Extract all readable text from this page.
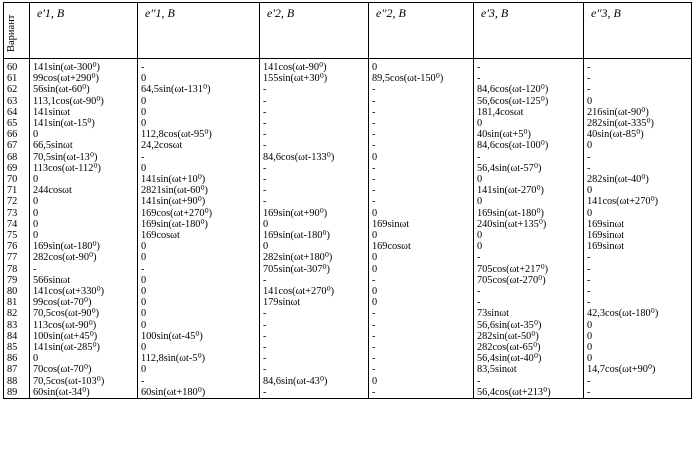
Вариант	e'1, B	e''1, B	e'2, B	e''2, B	e'3, B	e''3, B
60	141sin(ωt-300⁰)	-	141cos(ωt-90⁰)	0	-	-
61	99cos(ωt+290⁰)	0	155sin(ωt+30⁰)	89,5cos(ωt-150⁰)	-	-
62	56sin(ωt-60⁰)	64,5sin(ωt-131⁰)	-	-	84,6cos(ωt-120⁰)	-
63	113,1cos(ωt-90⁰)	0	-	-	56,6cos(ωt-125⁰)	0
64	141sinωt	0	-	-	181,4cosωt	216sin(ωt-90⁰)
65	141sin(ωt-15⁰)	0	-	-	0	282sin(ωt-335⁰)
66	0	112,8cos(ωt-95⁰)	-	-	40sin(ωt+5⁰)	40sin(ωt-85⁰)
67	66,5sinωt	24,2cosωt	-	-	84,6cos(ωt-100⁰)	0
68	70,5sin(ωt-13⁰)	-	84,6cos(ωt-133⁰)	0	-	-
69	113cos(ωt-112⁰)	0	-	-	56,4sin(ωt-57⁰)	-
70	0	141sin(ωt+10⁰)	-	-	0	282sin(ωt-40⁰)
71	244cosωt	2821sin(ωt-60⁰)	-	-	141sin(ωt-270⁰)	0
72	0	141sin(ωt+90⁰)	-	-	0	141cos(ωt+270⁰)
73	0	169cos(ωt+270⁰)	169sin(ωt+90⁰)	0	169sin(ωt-180⁰)	0
74	0	169sin(ωt-180⁰)	0	169sinωt	240sin(ωt+135⁰)	169sinωt
75	0	169cosωt	169sin(ωt-180⁰)	0	0	169sinωt
76	169sin(ωt-180⁰)	0	0	169cosωt	0	169sinωt
77	282cos(ωt-90⁰)	0	282sin(ωt+180⁰)	0	-	-
78	-	-	705sin(ωt-307⁰)	0	705cos(ωt+217⁰)	-
79	566sinωt	0	-	-	705cos(ωt-270⁰)	-
80	141cos(ωt+330⁰)	0	141cos(ωt+270⁰)	0	-	-
81	99cos(ωt-70⁰)	0	179sinωt	0	-	-
82	70,5cos(ωt-90⁰)	0	-	-	73sinωt	42,3cos(ωt-180⁰)
83	113cos(ωt-90⁰)	0	-	-	56,6sin(ωt-35⁰)	0
84	100sin(ωt+45⁰)	100sin(ωt-45⁰)	-	-	282sin(ωt-50⁰)	0
85	141sin(ωt-285⁰)	0	-	-	282cos(ωt-65⁰)	0
86	0	112,8sin(ωt-5⁰)	-	-	56,4sin(ωt-40⁰)	0
87	70cos(ωt-70⁰)	0	-	-	83,5sinωt	14,7cos(ωt+90⁰)
88	70,5cos(ωt-103⁰)	-	84,6sin(ωt-43⁰)	0	-	-
89	60sin(ωt-34⁰)	60sin(ωt+180⁰)	-	-	56,4cos(ωt+213⁰)	-
